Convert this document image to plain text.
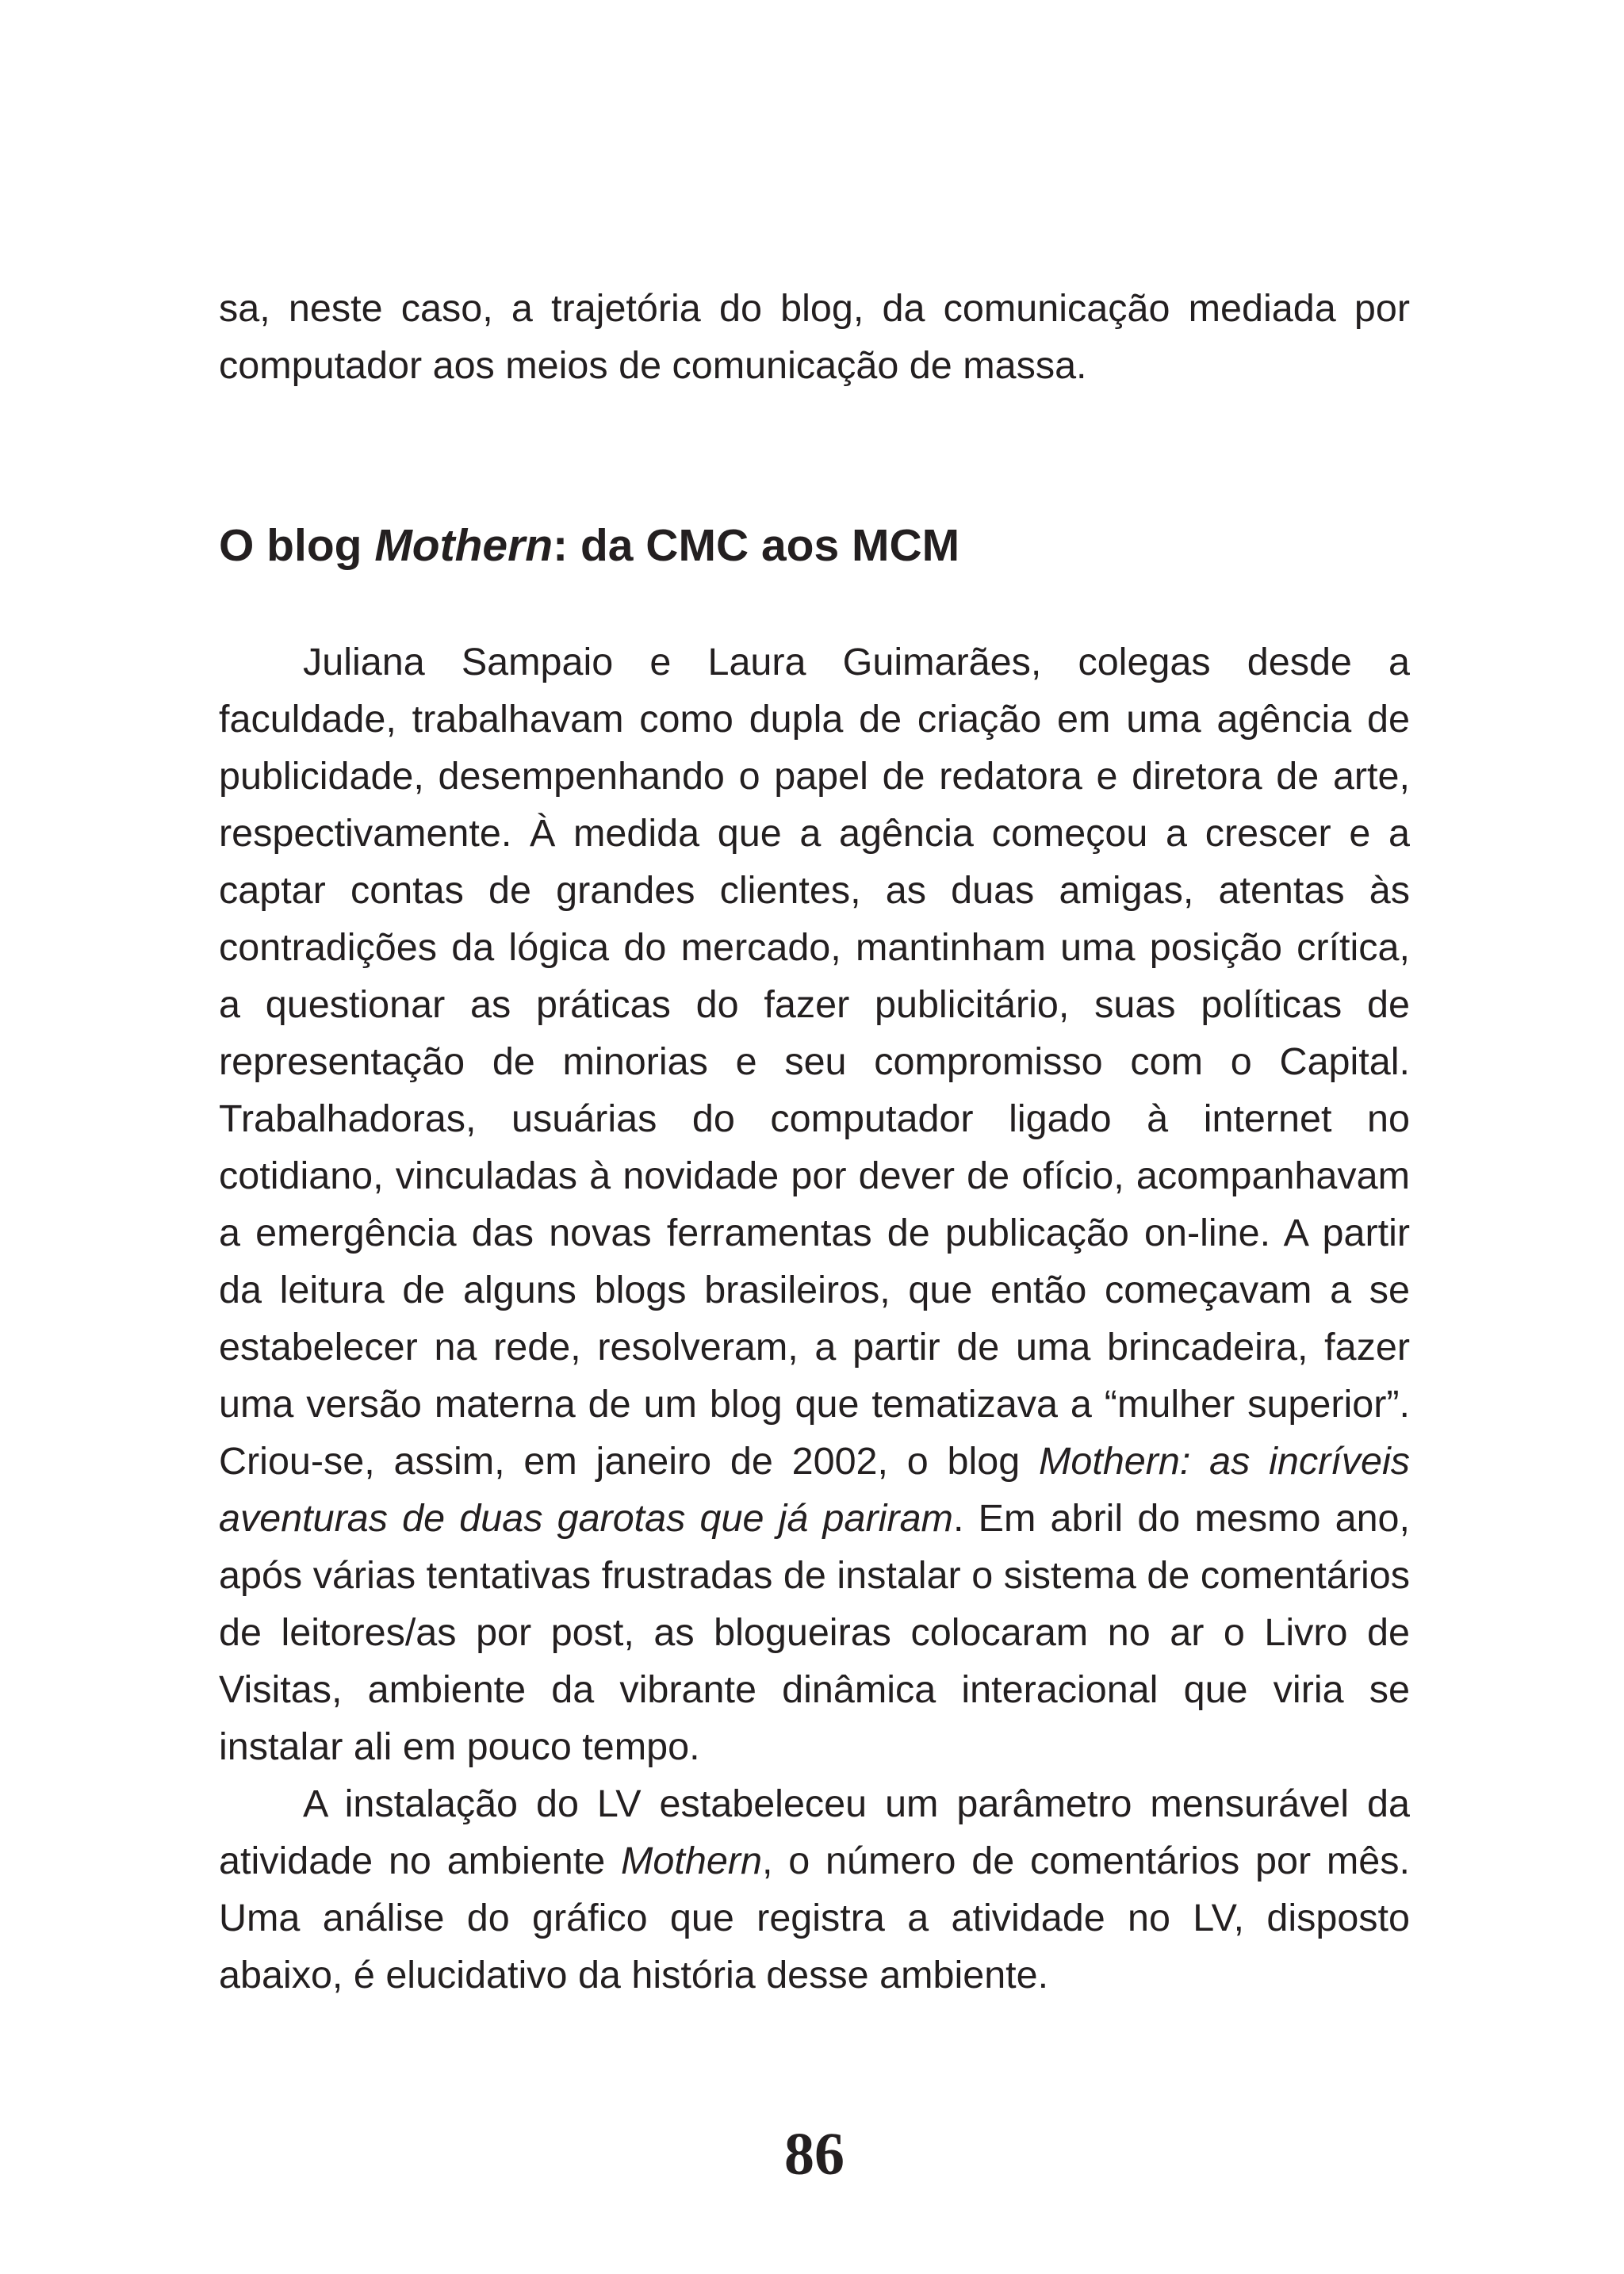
sa, neste caso, a trajetória do blog, da comunicação mediada por computador aos meios de comunicação de massa.

O blog Mothern: da CMC aos MCM

Juliana Sampaio e Laura Guimarães, colegas desde a faculdade, trabalhavam como dupla de criação em uma agência de publicidade, desempenhando o papel de redatora e diretora de arte, respectivamente. À medida que a agência começou a crescer e a captar contas de grandes clientes, as duas amigas, atentas às contradições da lógica do mercado, mantinham uma posição crítica, a questionar as práticas do fazer publicitário, suas políticas de representação de minorias e seu compromisso com o Capital. Trabalhadoras, usuárias do computador ligado à internet no cotidiano, vinculadas à novidade por dever de ofício, acompanhavam a emergência das novas ferramentas de publicação on-line. A partir da leitura de alguns blogs brasileiros, que então começavam a se estabelecer na rede, resolveram, a partir de uma brincadeira, fazer uma versão materna de um blog que tematizava a “mulher superior”. Criou-se, assim, em janeiro de 2002, o blog Mothern: as incríveis aventuras de duas garotas que já pariram. Em abril do mesmo ano, após várias tentativas frustradas de instalar o sistema de comentários de leitores/as por post, as blogueiras colocaram no ar o Livro de Visitas, ambiente da vibrante dinâmica interacional que viria se instalar ali em pouco tempo.

A instalação do LV estabeleceu um parâmetro mensurável da atividade no ambiente Mothern, o número de comentários por mês. Uma análise do gráfico que registra a atividade no LV, disposto abaixo, é elucidativo da história desse ambiente.

86
